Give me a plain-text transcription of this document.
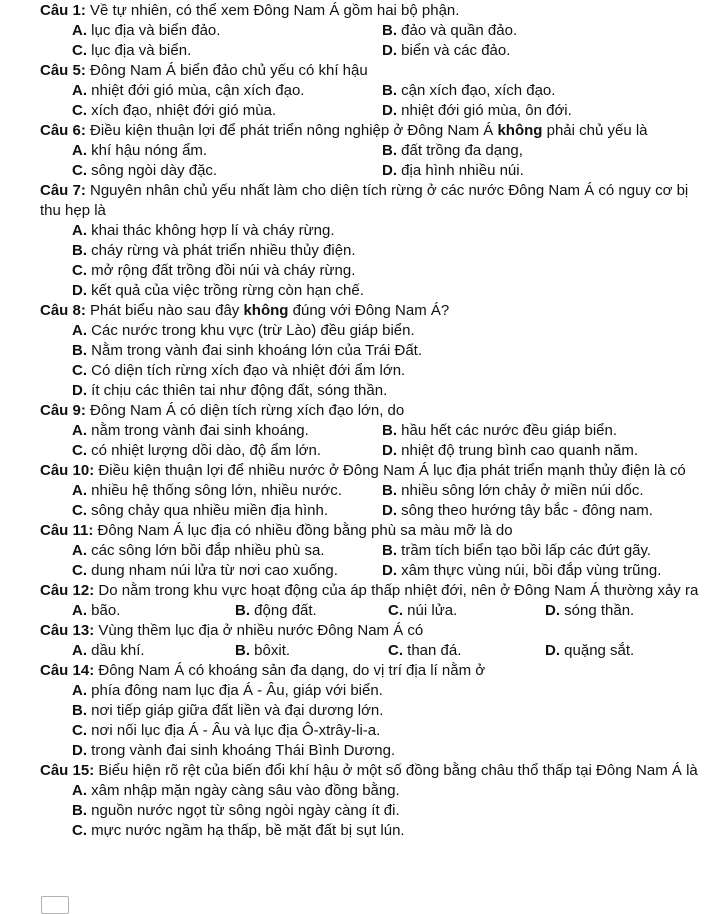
Câu 1: Về tự nhiên, có thể xem Đông Nam Á gồm hai bộ phận.
A. lục địa và biển đảo.	B. đảo và quần đảo.
C. lục địa và biển.	D. biển và các đảo.
Câu 5: Đông Nam Á biển đảo chủ yếu có khí hậu
A. nhiệt đới gió mùa, cận xích đạo.	B. cận xích đạo, xích đạo.
C. xích đạo, nhiệt đới gió mùa.	D. nhiệt đới gió mùa, ôn đới.
Câu 6: Điều kiện thuận lợi để phát triển nông nghiệp ở Đông Nam Á không phải chủ yếu là
A. khí hậu nóng ẩm.	B. đất trồng đa dạng,
C. sông ngòi dày đặc.	D. địa hình nhiều núi.
Câu 7: Nguyên nhân chủ yếu nhất làm cho diện tích rừng ở các nước Đông Nam Á có nguy cơ bị thu hẹp là
A. khai thác không hợp lí và cháy rừng.
B. cháy rừng và phát triển nhiều thủy điện.
C. mở rộng đất trồng đồi núi và cháy rừng.
D. kết quả của việc trồng rừng còn hạn chế.
Câu 8: Phát biểu nào sau đây không đúng với Đông Nam Á?
A. Các nước trong khu vực (trừ Lào) đều giáp biển.
B. Nằm trong vành đai sinh khoáng lớn của Trái Đất.
C. Có diện tích rừng xích đạo và nhiệt đới ẩm lớn.
D. ít chịu các thiên tai như động đất, sóng thần.
Câu 9: Đông Nam Á có diện tích rừng xích đạo lớn, do
A. nằm trong vành đai sinh khoáng.	B. hầu hết các nước đều giáp biển.
C. có nhiệt lượng dồi dào, độ ẩm lớn.	D. nhiệt độ trung bình cao quanh năm.
Câu 10: Điều kiện thuận lợi để nhiều nước ở Đông Nam Á lục địa phát triển mạnh thủy điện là có
A. nhiều hệ thống sông lớn, nhiều nước.	B. nhiều sông lớn chảy ở miền núi dốc.
C. sông chảy qua nhiều miền địa hình.	D. sông theo hướng tây bắc - đông nam.
Câu 11: Đông Nam Á lục địa có nhiều đồng bằng phù sa màu mỡ là do
A. các sông lớn bồi đắp nhiều phù sa.	B. trầm tích biển tạo bồi lấp các đứt gãy.
C. dung nham núi lửa từ nơi cao xuống.	D. xâm thực vùng núi, bồi đắp vùng trũng.
Câu 12: Do nằm trong khu vực hoạt động của áp thấp nhiệt đới, nên ở Đông Nam Á thường xảy ra
A. bão.	B. động đất.	C. núi lửa.	D. sóng thần.
Câu 13: Vùng thềm lục địa ở nhiều nước Đông Nam Á có
A. dầu khí.	B. bôxit.	C. than đá.	D. quặng sắt.
Câu 14: Đông Nam Á có khoáng sản đa dạng, do vị trí địa lí nằm ở
A. phía đông nam lục địa Á - Âu, giáp với biển.
B. nơi tiếp giáp giữa đất liền và đại dương lớn.
C. nơi nối lục địa Á - Âu và lục địa Ô-xtrây-li-a.
D. trong vành đai sinh khoáng Thái Bình Dương.
Câu 15: Biểu hiện rõ rệt của biến đổi khí hậu ở một số đồng bằng châu thổ thấp tại Đông Nam Á là
A. xâm nhập mặn ngày càng sâu vào đồng bằng.
B. nguồn nước ngọt từ sông ngòi ngày càng ít đi.
C. mực nước ngầm hạ thấp, bề mặt đất bị sụt lún.
